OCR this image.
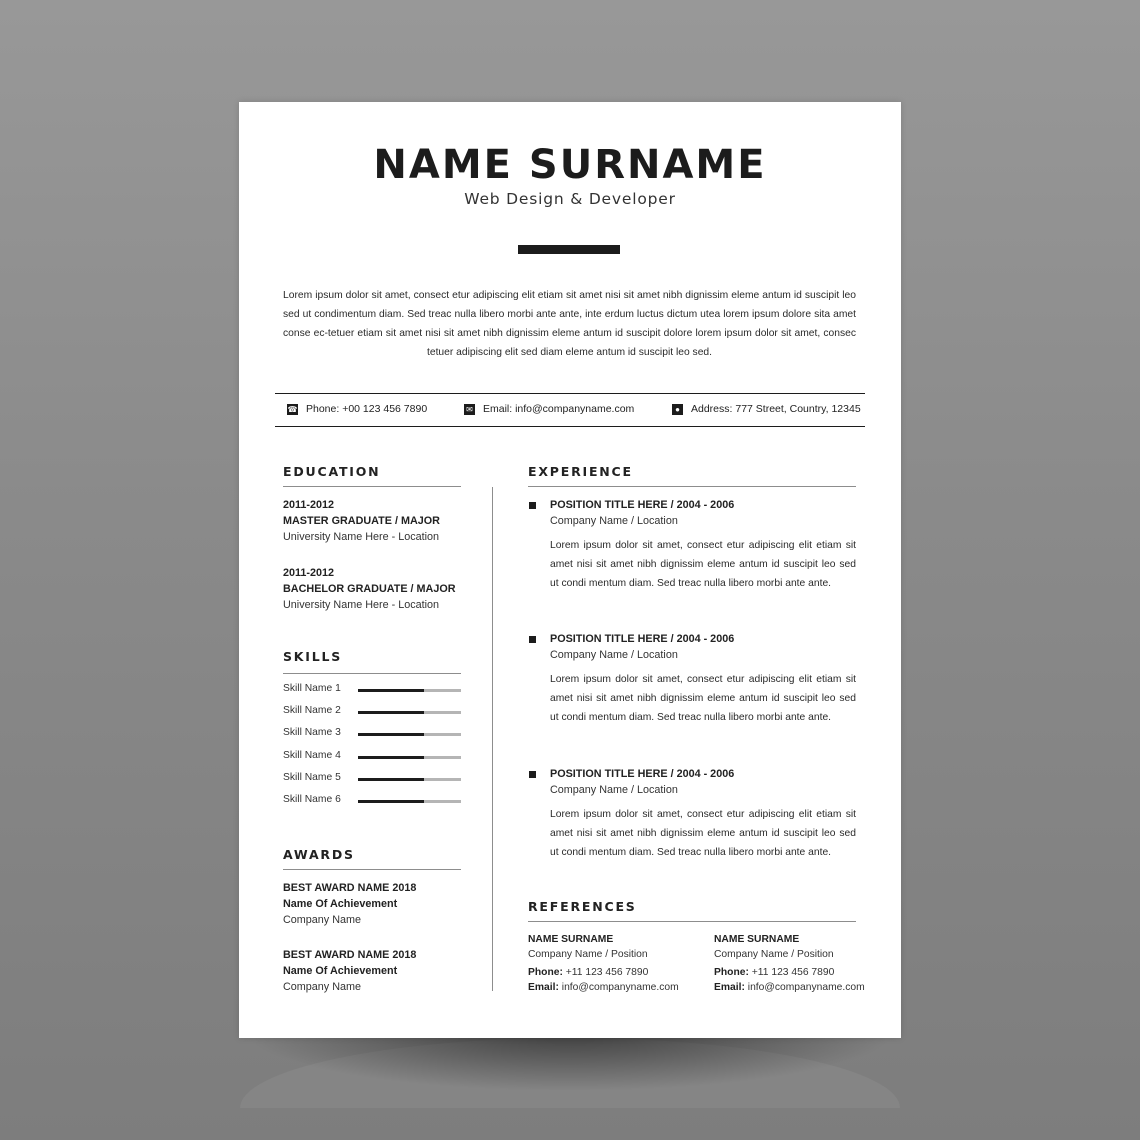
NAME SURNAME
Web Design & Developer

Lorem ipsum dolor sit amet, consect etur adipiscing elit etiam sit amet nisi sit amet nibh dignissim eleme antum id suscipit leo sed ut condimentum diam. Sed treac nulla libero morbi ante ante, inte erdum luctus dictum utea lorem ipsum dolore sita amet conse ec-tetuer etiam sit amet nisi sit amet nibh dignissim eleme antum id suscipit dolore lorem ipsum dolor sit amet, consec tetuer adipiscing elit sed diam eleme antum id suscipit leo sed.

☎ Phone: +00 123 456 7890	✉ Email: info@companyname.com	● Address: 777 Street, Country, 12345
EDUCATION
2011-2012
MASTER GRADUATE / MAJOR
University Name Here - Location
2011-2012
BACHELOR GRADUATE / MAJOR
University Name Here - Location
SKILLS
Skill Name 1
Skill Name 2
Skill Name 3
Skill Name 4
Skill Name 5
Skill Name 6
AWARDS
BEST AWARD NAME 2018
Name Of Achievement
Company Name
BEST AWARD NAME 2018
Name Of Achievement
Company Name
EXPERIENCE
POSITION TITLE HERE / 2004 - 2006
Company Name / Location

Lorem ipsum dolor sit amet, consect etur adipiscing elit etiam sit amet nisi sit amet nibh dignissim eleme antum id suscipit leo sed ut condi mentum diam. Sed treac nulla libero morbi ante ante.

POSITION TITLE HERE / 2004 - 2006
Company Name / Location

Lorem ipsum dolor sit amet, consect etur adipiscing elit etiam sit amet nisi sit amet nibh dignissim eleme antum id suscipit leo sed ut condi mentum diam. Sed treac nulla libero morbi ante ante.

POSITION TITLE HERE / 2004 - 2006
Company Name / Location

Lorem ipsum dolor sit amet, consect etur adipiscing elit etiam sit amet nisi sit amet nibh dignissim eleme antum id suscipit leo sed ut condi mentum diam. Sed treac nulla libero morbi ante ante.

REFERENCES
NAME SURNAME
Company Name / Position
Phone: +11 123 456 7890
Email: info@companyname.com
NAME SURNAME
Company Name / Position
Phone: +11 123 456 7890
Email: info@companyname.com
